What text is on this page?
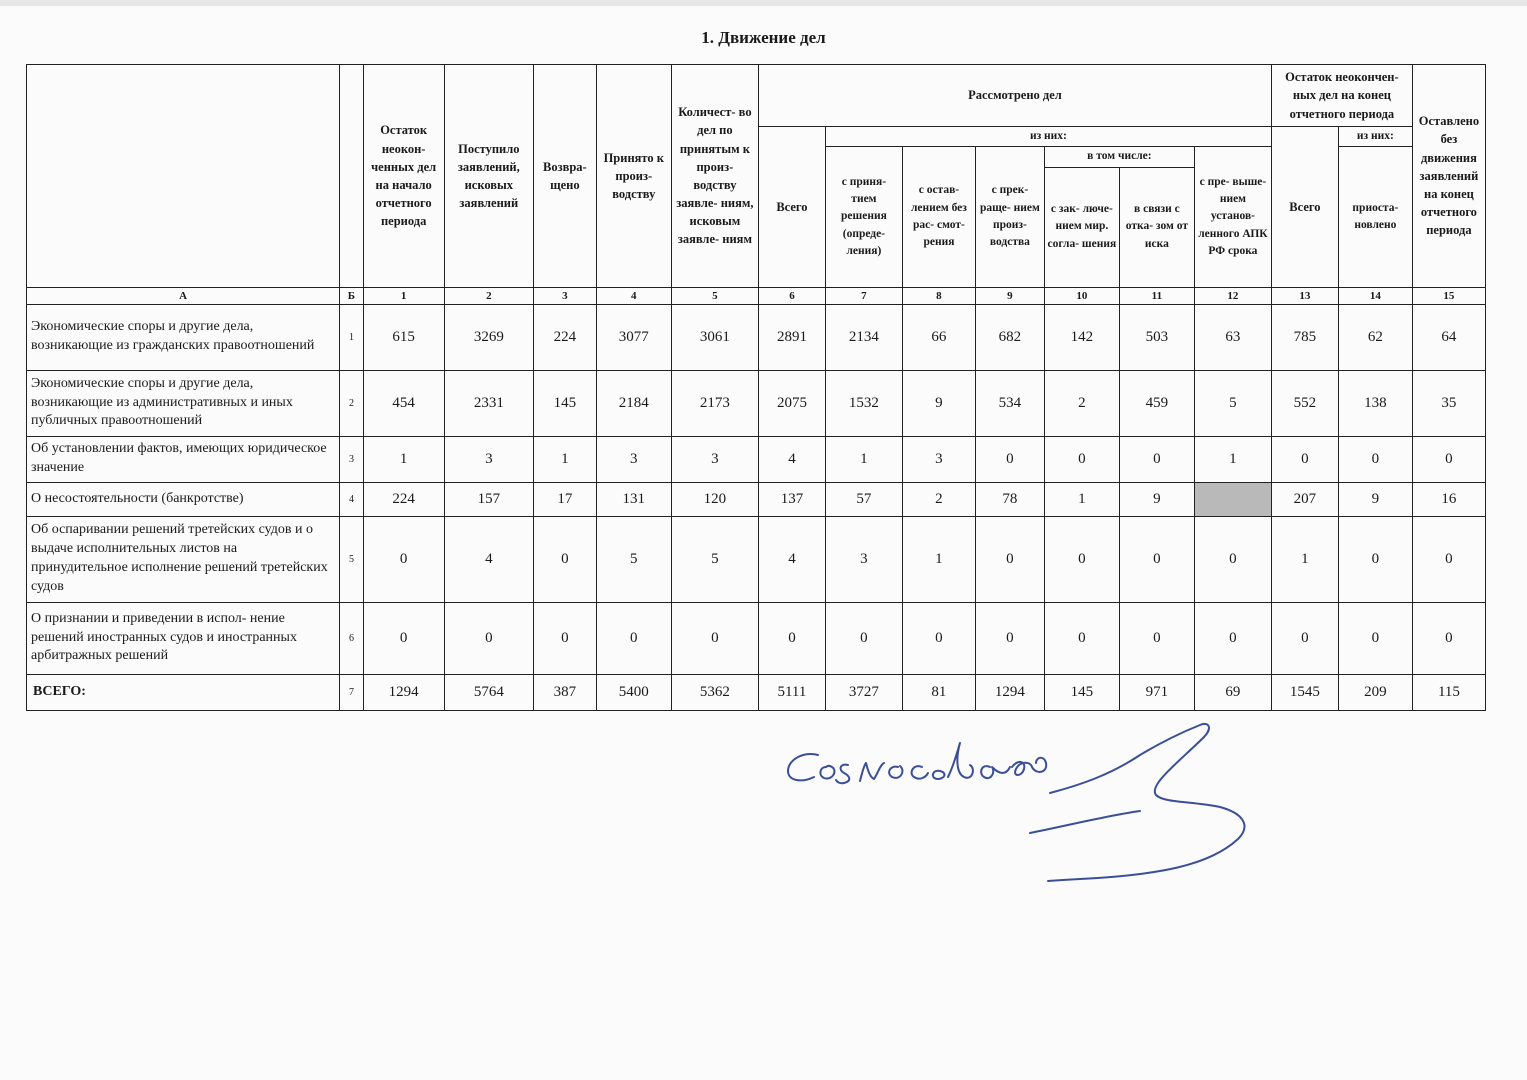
1. Движение дел
		Остаток неокон- ченных дел на начало отчетного периода	Поступило заявлений, исковых заявлений	Возвра- щено	Принято к произ- водству	Количест- во дел по принятым к произ- водству заявле- ниям, исковым заявле- ниям	Рассмотрено дел							Остаток неокончен- ных дел на конец отчетного периода		Оставлено без движения заявлений на конец отчетного периода
							Всего	из них:						Всего	из них:	
								с приня- тием решения (опреде- ления)	с остав- лением без рас- смот- рения	с прек- раще- нием произ- водства	в том числе:		с пре- выше- нием установ- ленного АПК РФ срока		приоста- новлено	
											с зак- люче- нием мир. согла- шения	в связи с отка- зом от иска				
А	Б	1	2	3	4	5	6	7	8	9	10	11	12	13	14	15
Экономические споры и другие дела, возникающие из гражданских правоотношений	1	615	3269	224	3077	3061	2891	2134	66	682	142	503	63	785	62	64
Экономические споры и другие дела, возникающие из административных и иных публичных правоотношений	2	454	2331	145	2184	2173	2075	1532	9	534	2	459	5	552	138	35
Об установлении фактов, имеющих юридическое значение	3	1	3	1	3	3	4	1	3	0	0	0	1	0	0	0
О несостоятельности (банкротстве)	4	224	157	17	131	120	137	57	2	78	1	9		207	9	16
Об оспаривании решений третейских судов и о выдаче исполнительных листов на принудительное исполнение решений третейских судов	5	0	4	0	5	5	4	3	1	0	0	0	0	1	0	0
О признании и приведении в испол- нение решений иностранных судов и иностранных арбитражных решений	6	0	0	0	0	0	0	0	0	0	0	0	0	0	0	0
ВСЕГО:	7	1294	5764	387	5400	5362	5111	3727	81	1294	145	971	69	1545	209	115
